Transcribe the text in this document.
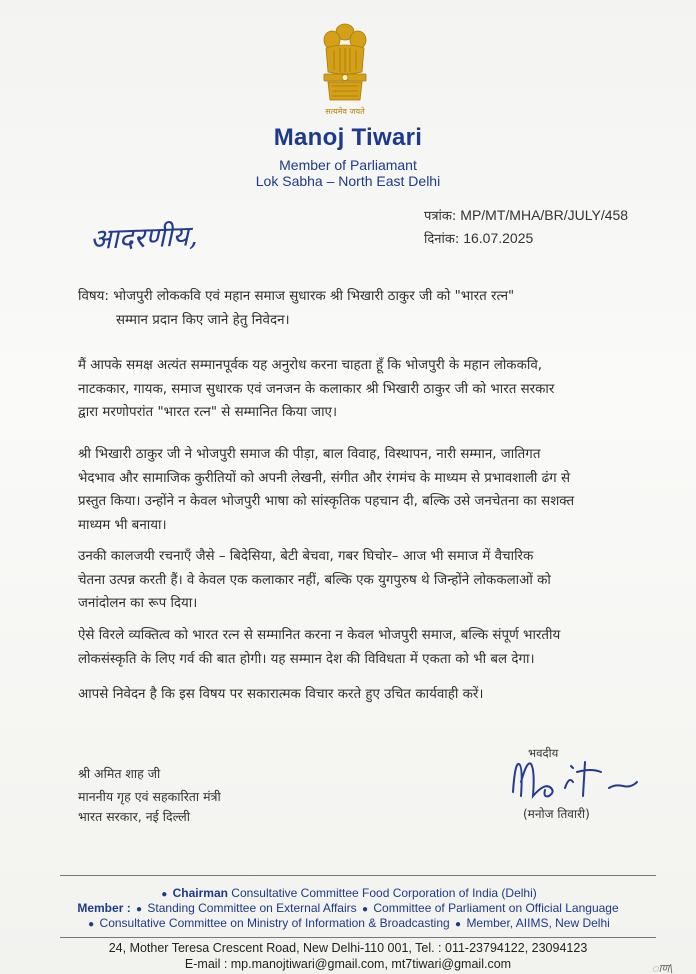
सत्यमेव जयते
Manoj Tiwari
Member of Parliamant
Lok Sabha – North East Delhi
आदरणीय,
पत्रांक: MP/MT/MHA/BR/JULY/458
दिनांक: 16.07.2025
विषय: भोजपुरी लोककवि एवं महान समाज सुधारक श्री भिखारी ठाकुर जी को "भारत रत्न"
सम्मान प्रदान किए जाने हेतु निवेदन।
मैं आपके समक्ष अत्यंत सम्मानपूर्वक यह अनुरोध करना चाहता हूँ कि भोजपुरी के महान लोककवि,
नाटककार, गायक, समाज सुधारक एवं जनजन के कलाकार श्री भिखारी ठाकुर जी को भारत सरकार
द्वारा मरणोपरांत "भारत रत्न" से सम्मानित किया जाए।
श्री भिखारी ठाकुर जी ने भोजपुरी समाज की पीड़ा, बाल विवाह, विस्थापन, नारी सम्मान, जातिगत
भेदभाव और सामाजिक कुरीतियों को अपनी लेखनी, संगीत और रंगमंच के माध्यम से प्रभावशाली ढंग से
प्रस्तुत किया। उन्होंने न केवल भोजपुरी भाषा को सांस्कृतिक पहचान दी, बल्कि उसे जनचेतना का सशक्त
माध्यम भी बनाया।
उनकी कालजयी रचनाएँ जैसे – बिदेसिया, बेटी बेचवा, गबर घिचोर– आज भी समाज में वैचारिक
चेतना उत्पन्न करती हैं। वे केवल एक कलाकार नहीं, बल्कि एक युगपुरुष थे जिन्होंने लोककलाओं को
जनांदोलन का रूप दिया।
ऐसे विरले व्यक्तित्व को भारत रत्न से सम्मानित करना न केवल भोजपुरी समाज, बल्कि संपूर्ण भारतीय
लोकसंस्कृति के लिए गर्व की बात होगी। यह सम्मान देश की विविधता में एकता को भी बल देगा।
आपसे निवेदन है कि इस विषय पर सकारात्मक विचार करते हुए उचित कार्यवाही करें।
भवदीय
(मनोज तिवारी)
श्री अमित शाह जी
माननीय गृह एवं सहकारिता मंत्री
भारत सरकार, नई दिल्ली
● Chairman Consultative Committee Food Corporation of India (Delhi)
Member : ● Standing Committee on External Affairs ● Committee of Parliament on Official Language
● Consultative Committee on Ministry of Information & Broadcasting ● Member, AIIMS, New Delhi
24, Mother Teresa Crescent Road, New Delhi-110 001, Tel. : 011-23794122, 23094123
E-mail : mp.manojtiwari@gmail.com, mt7tiwari@gmail.com	ाण\
